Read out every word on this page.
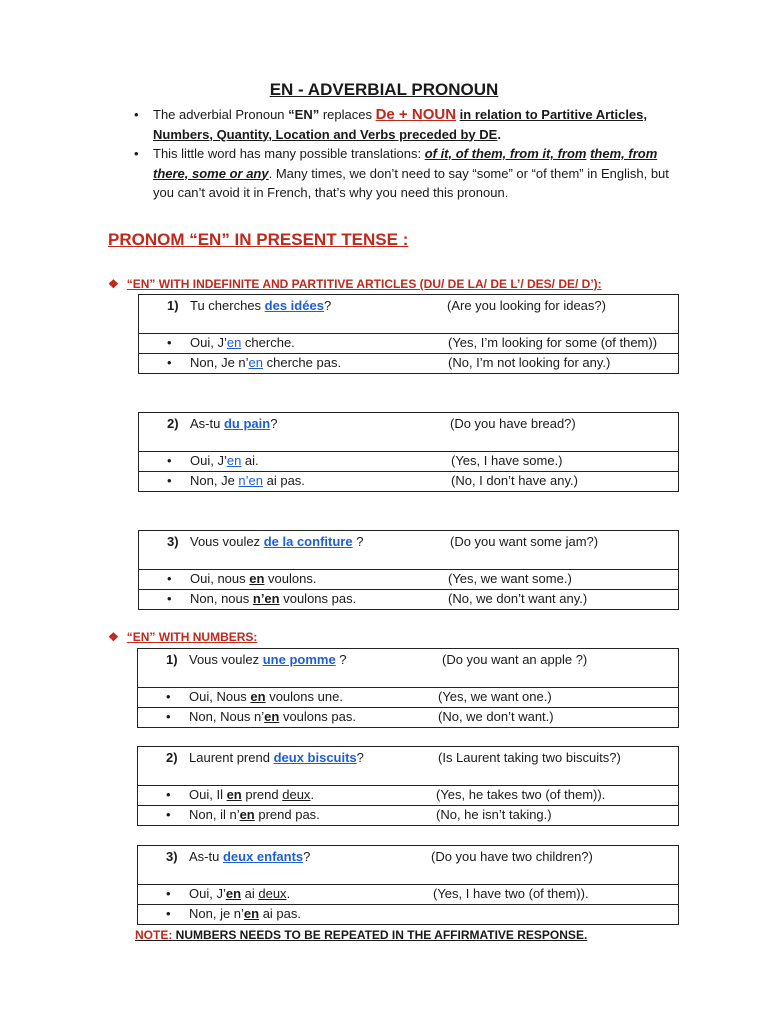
EN - ADVERBIAL PRONOUN
• The adverbial Pronoun “EN” replaces De + NOUN in relation to Partitive Articles, Numbers, Quantity, Location and Verbs preceded by DE.
• This little word has many possible translations: of it, of them, from it, from them, from there, some or any. Many times, we don’t need to say “some” or “of them” in English, but you can’t avoid it in French, that’s why you need this pronoun.
PRONOM “EN” IN PRESENT TENSE :
❖ “EN” WITH INDEFINITE AND PARTITIVE ARTICLES (DU/ DE LA/ DE L’/ DES/ DE/ D’):
❖ “EN” WITH NUMBERS:
1) Tu cherches des idées?	(Are you looking for ideas?)
• Oui, J’en cherche.	(Yes, I’m looking for some (of them))
• Non, Je n’en cherche pas.	(No, I’m not looking for any.)
2) As-tu du pain?	(Do you have bread?)
• Oui, J’en ai.	(Yes, I have some.)
• Non, Je n’en ai pas.	(No, I don’t have any.)
3) Vous voulez de la confiture ?	(Do you want some jam?)
• Oui, nous en voulons.	(Yes, we want some.)
• Non, nous n’en voulons pas.	(No, we don’t want any.)
1) Vous voulez une pomme ?	(Do you want an apple ?)
• Oui, Nous en voulons une.	(Yes, we want one.)
• Non, Nous n’en voulons pas.	(No, we don’t want.)
2) Laurent prend deux biscuits?	(Is Laurent taking two biscuits?)
• Oui, Il en prend deux.	(Yes, he takes two (of them)).
• Non, il n’en prend pas.	(No, he isn’t taking.)
3) As-tu deux enfants?	(Do you have two children?)
• Oui, J’en ai deux.	(Yes, I have two (of them)).
• Non, je n’en ai pas.
NOTE: NUMBERS NEEDS TO BE REPEATED IN THE AFFIRMATIVE RESPONSE.
